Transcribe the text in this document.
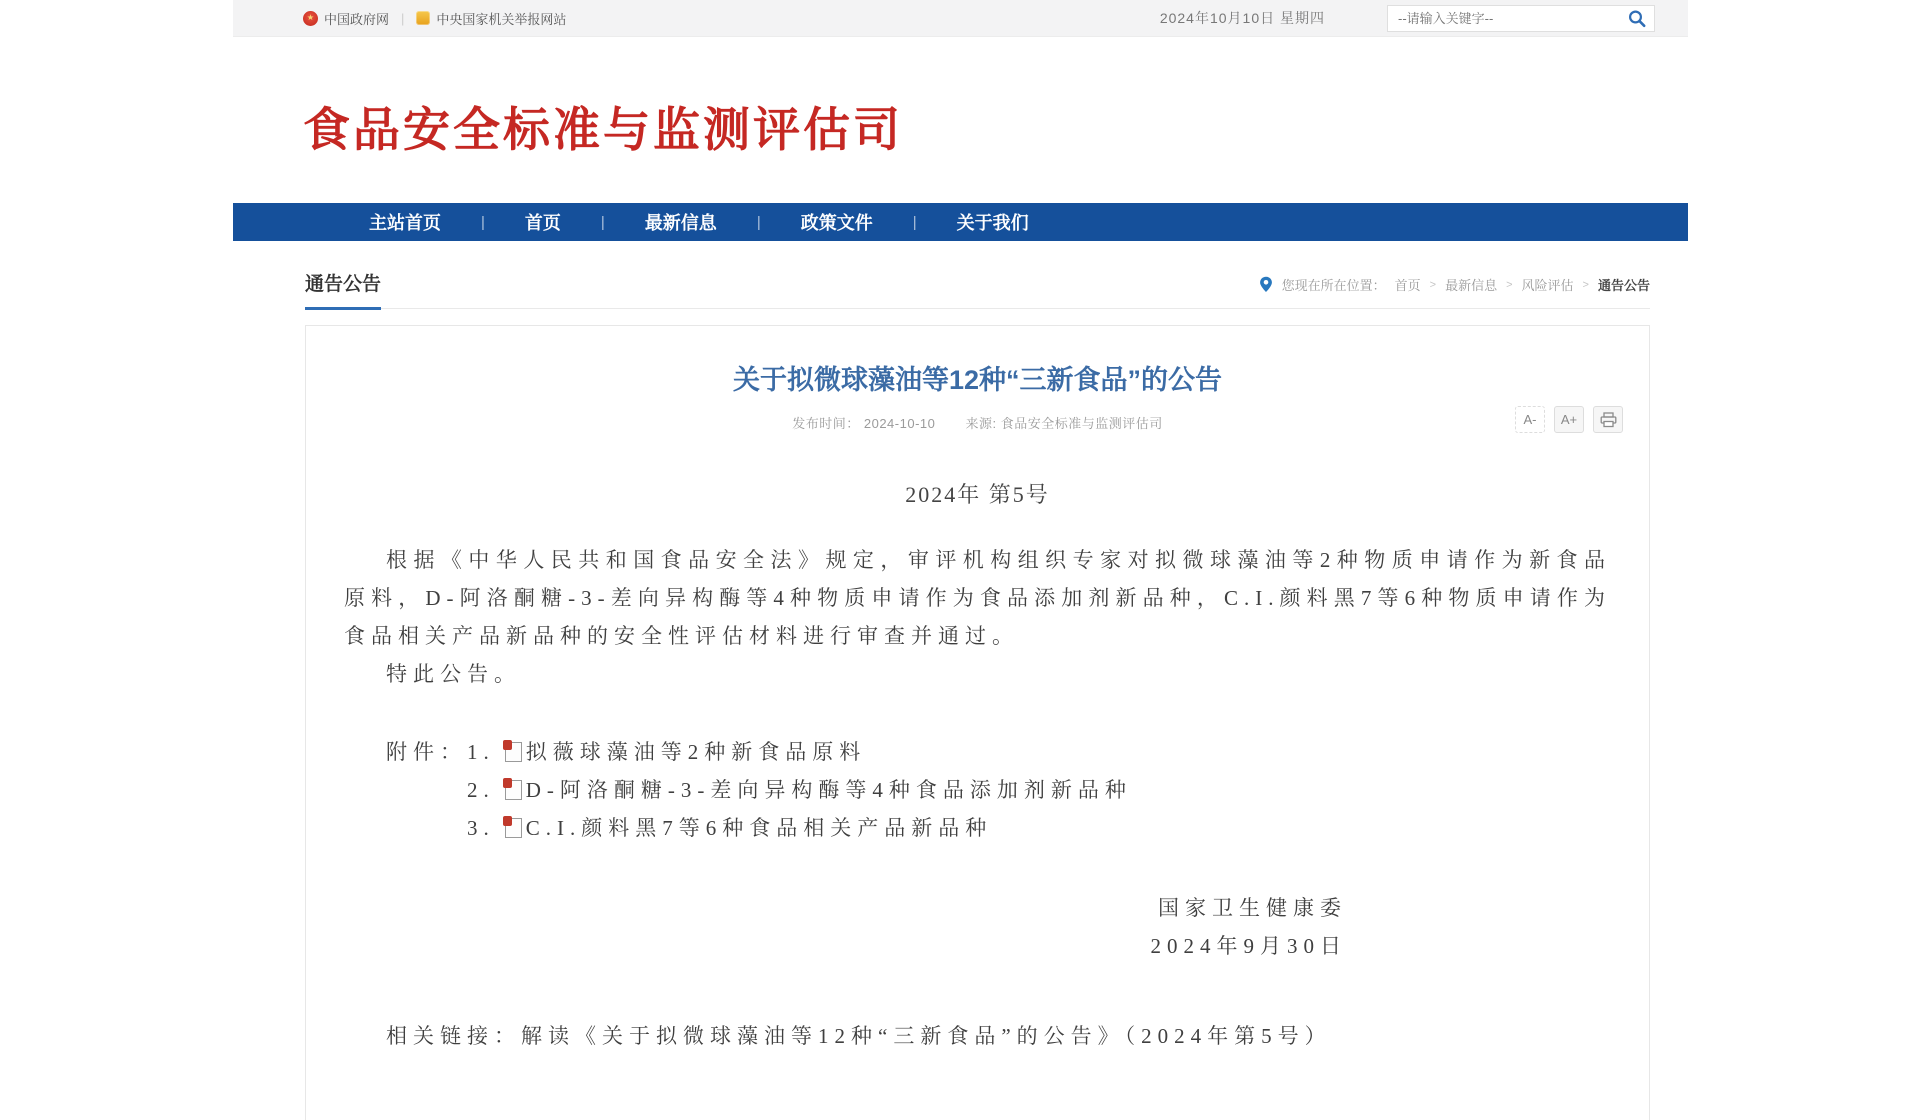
★ 中国政府网 | 中央国家机关举报网站	2024年10月10日 星期四
--请输入关键字--
食品安全标准与监测评估司
主站首页	|	首页	|	最新信息	|	政策文件	|	关于我们
通告公告	您现在所在位置： 首页 > 最新信息 > 风险评估 > 通告公告
关于拟微球藻油等12种“三新食品”的公告
发布时间： 2024-10-10 来源: 食品安全标准与监测评估司	A-	A+
2024年 第5号

根据《中华人民共和国食品安全法》规定，审评机构组织专家对拟微球藻油等2种物质申请作为新食品原料，D-阿洛酮糖-3-差向异构酶等4种物质申请作为食品添加剂新品种，C.I.颜料黑7等6种物质申请作为食品相关产品新品种的安全性评估材料进行审查并通过。

特此公告。

附件： 1. 拟薇球藻油等2种新食品原料
2. D-阿洛酮糖-3-差向异构酶等4种食品添加剂新品种
3. C.I.颜料黑7等6种食品相关产品新品种
国家卫生健康委
2024年9月30日
相关链接：解读《关于拟微球藻油等12种“三新食品”的公告》（2024年第5号）
